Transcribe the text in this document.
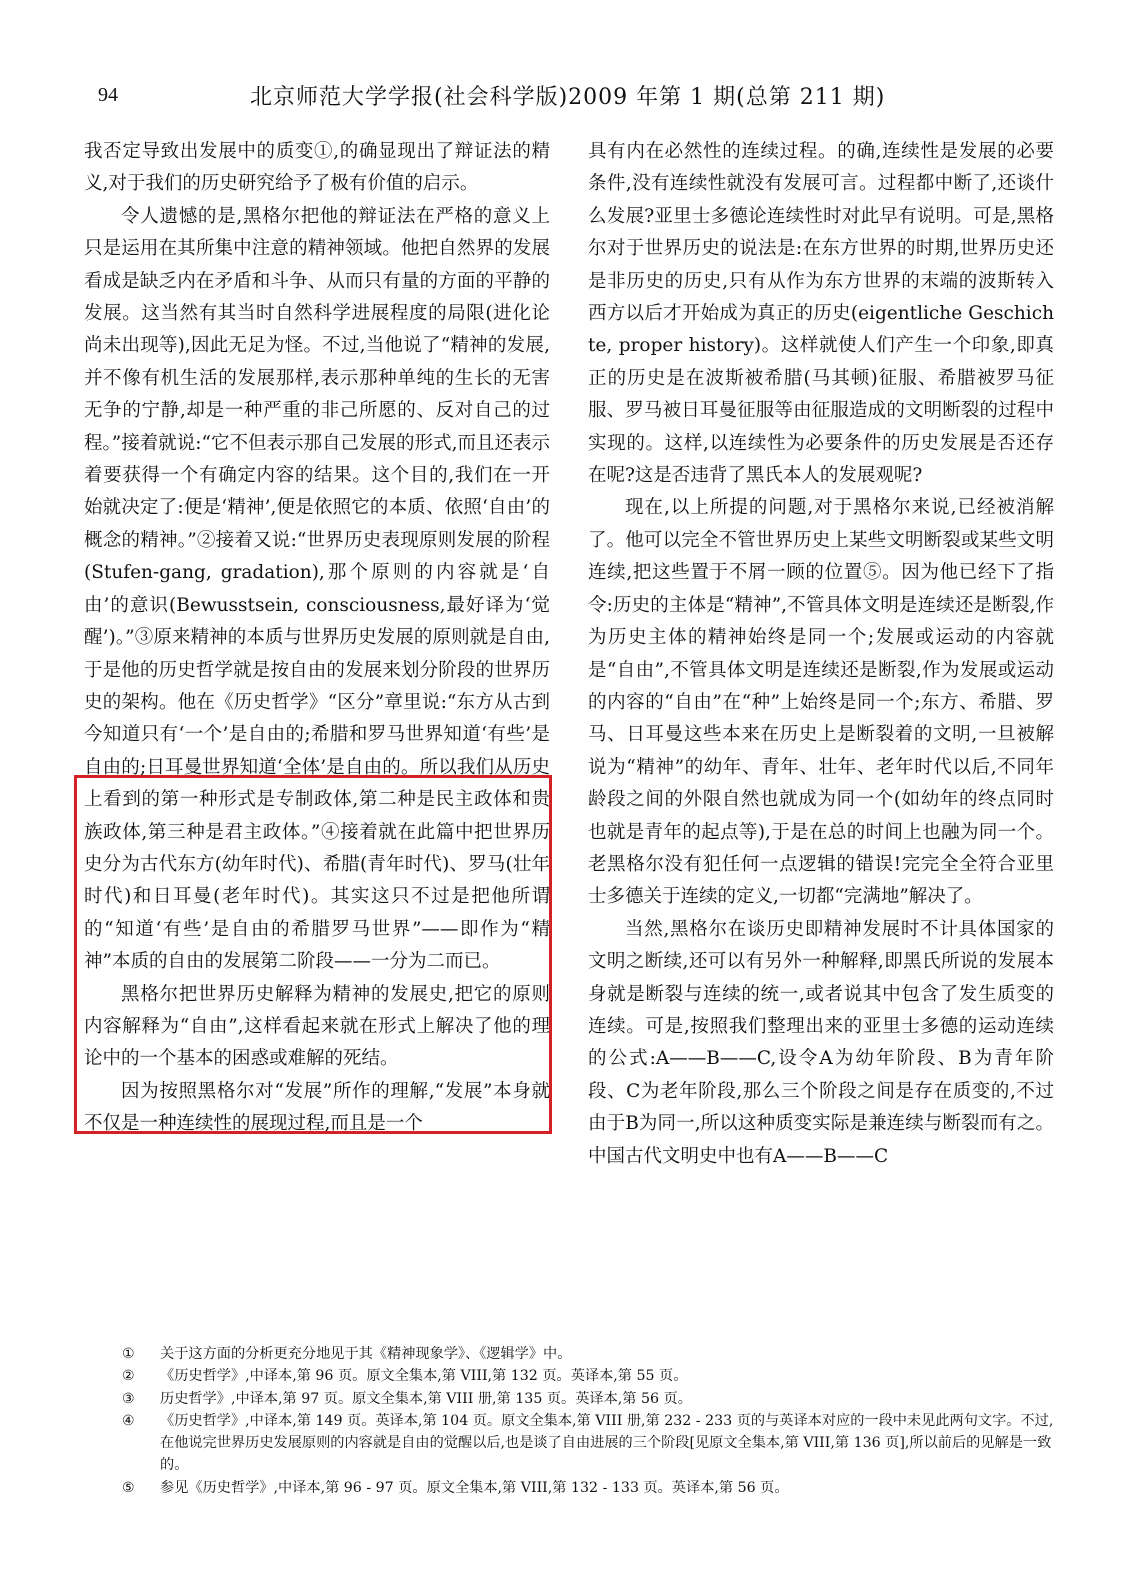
94	北京师范大学学报(社会科学版)2009 年第 1 期(总第 211 期)

我否定导致出发展中的质变①,的确显现出了辩证法的精义,对于我们的历史研究给予了极有价值的启示。

令人遗憾的是,黑格尔把他的辩证法在严格的意义上只是运用在其所集中注意的精神领域。他把自然界的发展看成是缺乏内在矛盾和斗争、从而只有量的方面的平静的发展。这当然有其当时自然科学进展程度的局限(进化论尚未出现等),因此无足为怪。不过,当他说了“精神的发展,并不像有机生活的发展那样,表示那种单纯的生长的无害无争的宁静,却是一种严重的非己所愿的、反对自己的过程。”接着就说:“它不但表示那自己发展的形式,而且还表示着要获得一个有确定内容的结果。这个目的,我们在一开始就决定了:便是‘精神’,便是依照它的本质、依照‘自由’的概念的精神。”②接着又说:“世界历史表现原则发展的阶程(Stufen-gang, gradation),那个原则的内容就是‘自由’的意识(Bewusstsein, consciousness,最好译为‘觉醒’)。”③原来精神的本质与世界历史发展的原则就是自由,于是他的历史哲学就是按自由的发展来划分阶段的世界历史的架构。他在《历史哲学》“区分”章里说:“东方从古到今知道只有‘一个’是自由的;希腊和罗马世界知道‘有些’是自由的;日耳曼世界知道‘全体’是自由的。所以我们从历史上看到的第一种形式是专制政体,第二种是民主政体和贵族政体,第三种是君主政体。”④接着就在此篇中把世界历史分为古代东方(幼年时代)、希腊(青年时代)、罗马(壮年时代)和日耳曼(老年时代)。其实这只不过是把他所谓的“知道‘有些’是自由的希腊罗马世界”——即作为“精神”本质的自由的发展第二阶段——一分为二而已。

黑格尔把世界历史解释为精神的发展史,把它的原则内容解释为“自由”,这样看起来就在形式上解决了他的理论中的一个基本的困惑或难解的死结。

因为按照黑格尔对“发展”所作的理解,“发展”本身就不仅是一种连续性的展现过程,而且是一个

具有内在必然性的连续过程。的确,连续性是发展的必要条件,没有连续性就没有发展可言。过程都中断了,还谈什么发展?亚里士多德论连续性时对此早有说明。可是,黑格尔对于世界历史的说法是:在东方世界的时期,世界历史还是非历史的历史,只有从作为东方世界的末端的波斯转入西方以后才开始成为真正的历史(eigentliche Geschichte, proper history)。这样就使人们产生一个印象,即真正的历史是在波斯被希腊(马其顿)征服、希腊被罗马征服、罗马被日耳曼征服等由征服造成的文明断裂的过程中实现的。这样,以连续性为必要条件的历史发展是否还存在呢?这是否违背了黑氏本人的发展观呢?

现在,以上所提的问题,对于黑格尔来说,已经被消解了。他可以完全不管世界历史上某些文明断裂或某些文明连续,把这些置于不屑一顾的位置⑤。因为他已经下了指令:历史的主体是“精神”,不管具体文明是连续还是断裂,作为历史主体的精神始终是同一个;发展或运动的内容就是“自由”,不管具体文明是连续还是断裂,作为发展或运动的内容的“自由”在“种”上始终是同一个;东方、希腊、罗马、日耳曼这些本来在历史上是断裂着的文明,一旦被解说为“精神”的幼年、青年、壮年、老年时代以后,不同年龄段之间的外限自然也就成为同一个(如幼年的终点同时也就是青年的起点等),于是在总的时间上也融为同一个。老黑格尔没有犯任何一点逻辑的错误!完完全全符合亚里士多德关于连续的定义,一切都“完满地”解决了。

当然,黑格尔在谈历史即精神发展时不计具体国家的文明之断续,还可以有另外一种解释,即黑氏所说的发展本身就是断裂与连续的统一,或者说其中包含了发生质变的连续。可是,按照我们整理出来的亚里士多德的运动连续的公式:A——B——C,设令A为幼年阶段、B为青年阶段、C为老年阶段,那么三个阶段之间是存在质变的,不过由于B为同一,所以这种质变实际是兼连续与断裂而有之。中国古代文明史中也有A——B——C

① 关于这方面的分析更充分地见于其《精神现象学》、《逻辑学》中。
② 《历史哲学》,中译本,第 96 页。原文全集本,第 VIII,第 132 页。英译本,第 55 页。
③ 历史哲学》,中译本,第 97 页。原文全集本,第 VIII 册,第 135 页。英译本,第 56 页。
④ 《历史哲学》,中译本,第 149 页。英译本,第 104 页。原文全集本,第 VIII 册,第 232 - 233 页的与英译本对应的一段中未见此两句文字。不过,在他说完世界历史发展原则的内容就是自由的觉醒以后,也是谈了自由进展的三个阶段[见原文全集本,第 VIII,第 136 页],所以前后的见解是一致的。
⑤ 参见《历史哲学》,中译本,第 96 - 97 页。原文全集本,第 VIII,第 132 - 133 页。英译本,第 56 页。
